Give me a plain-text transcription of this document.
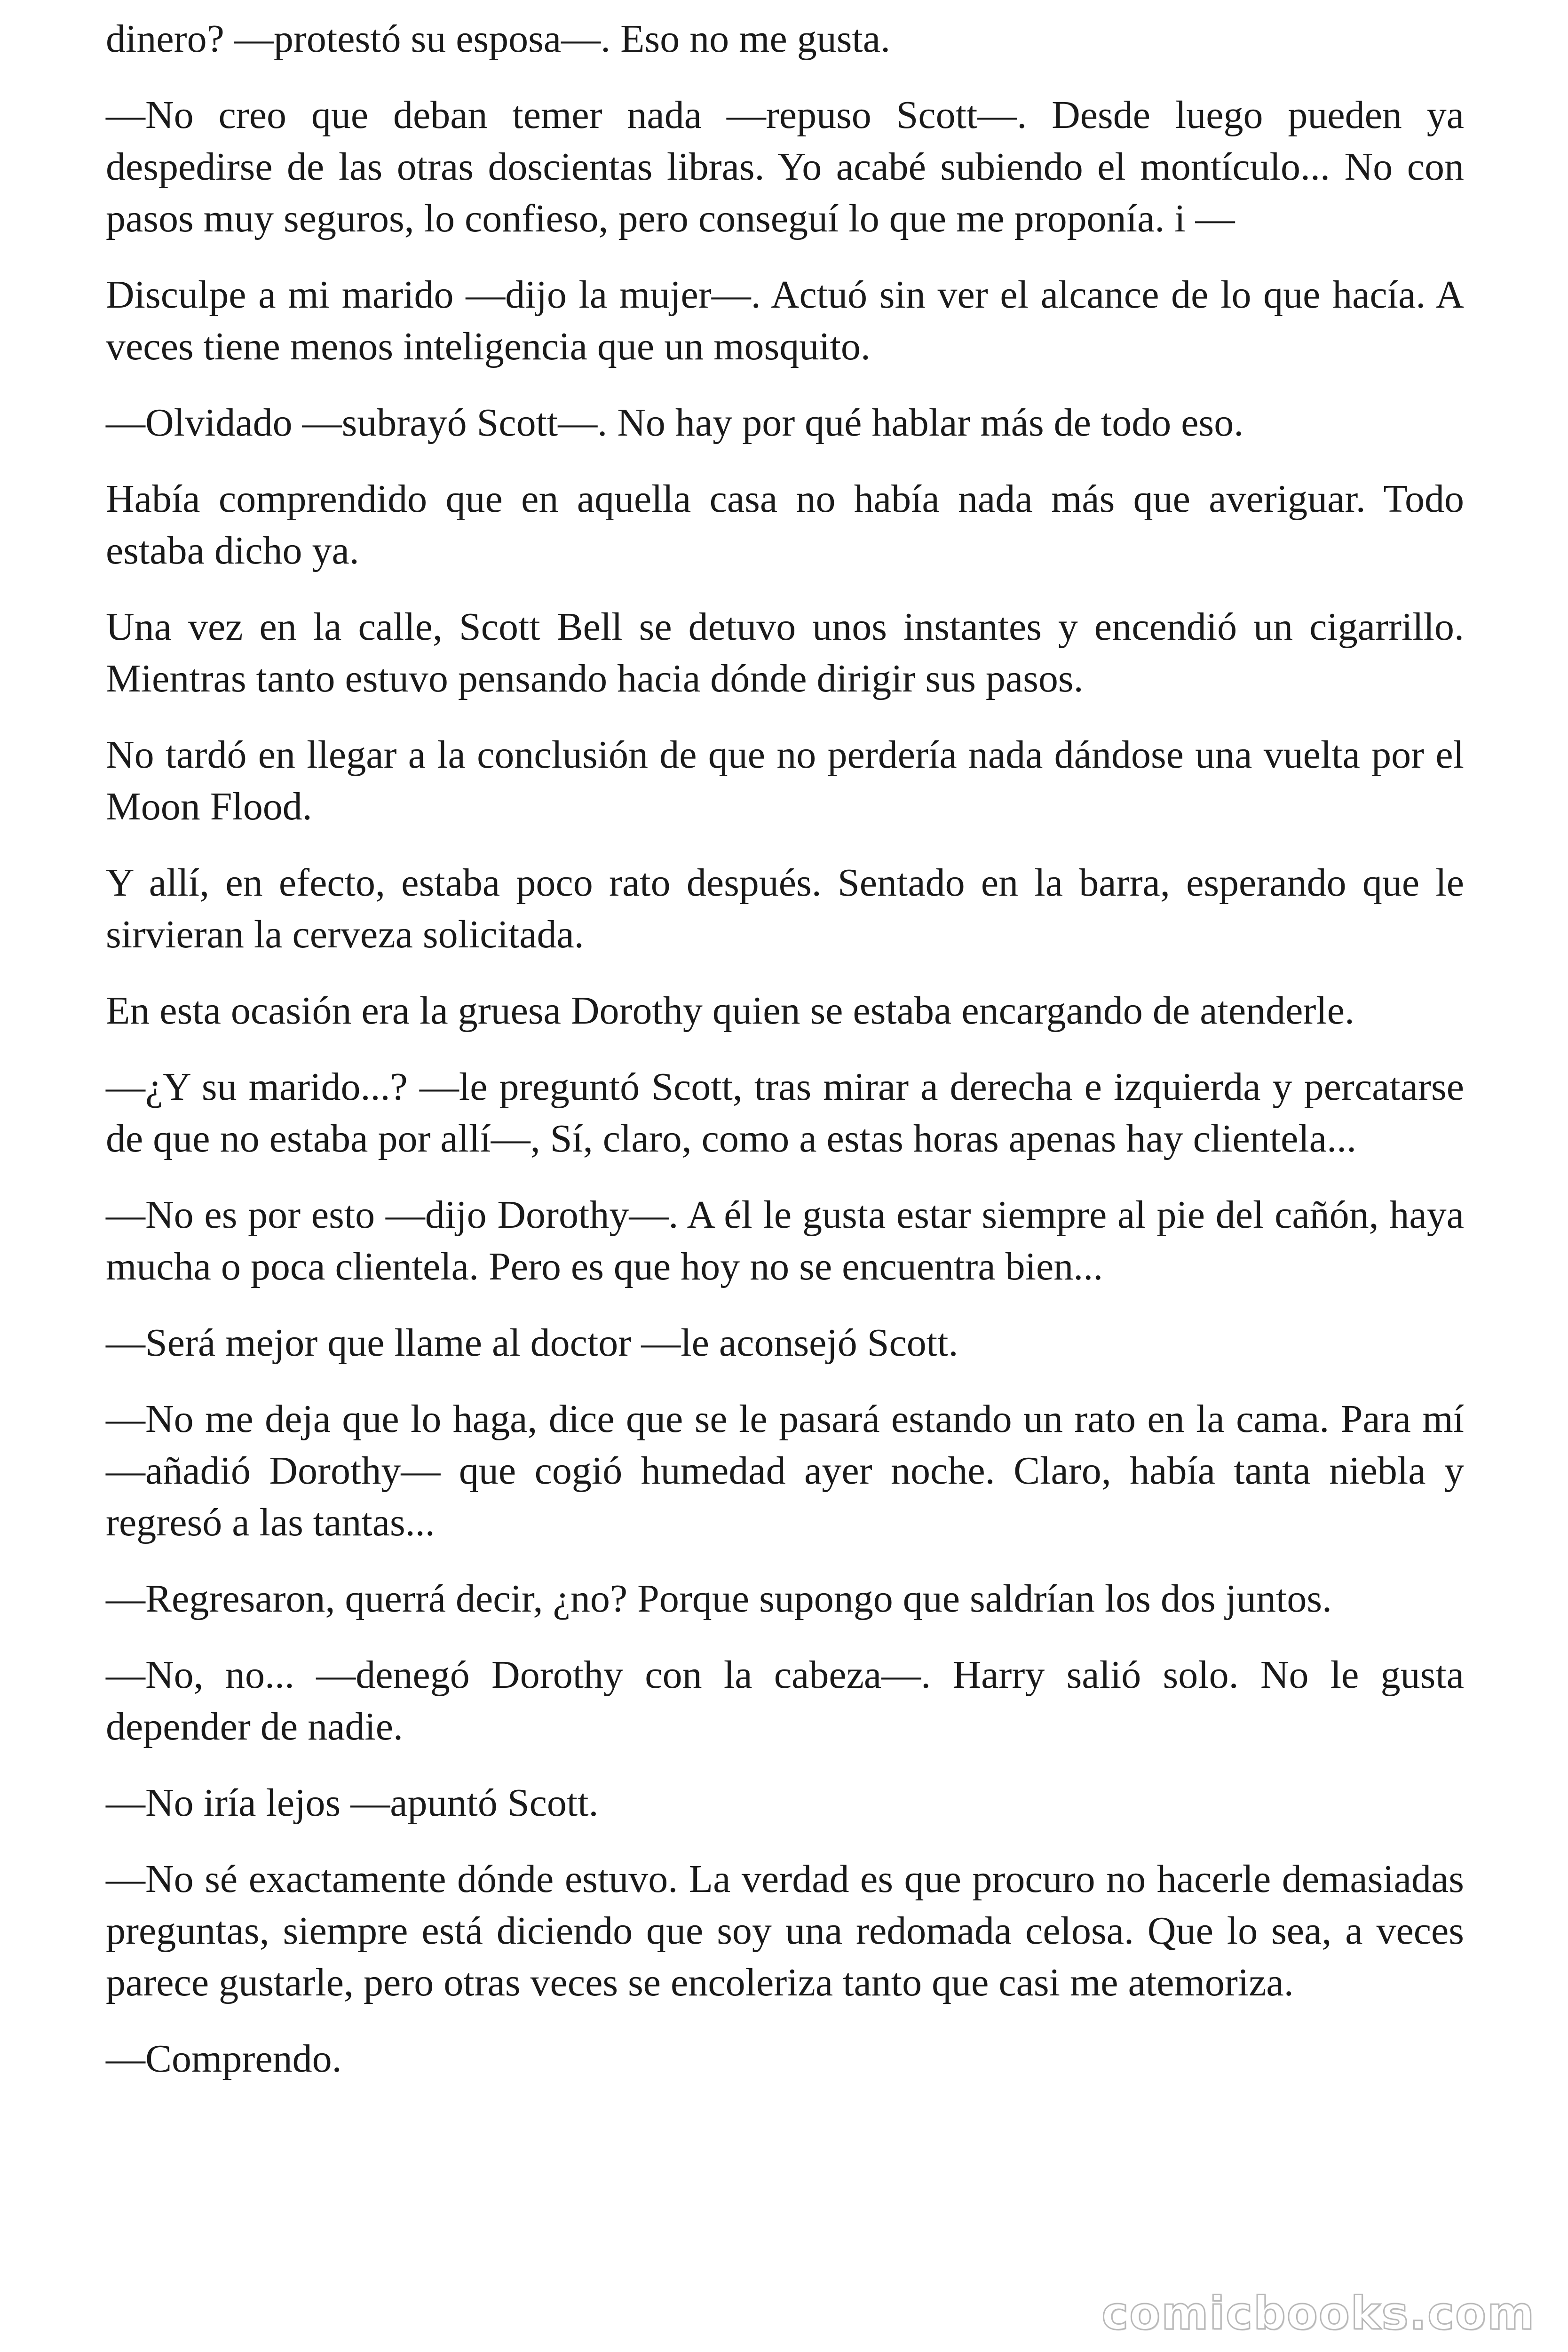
dinero? —protestó su esposa—. Eso no me gusta.

—No creo que deban temer nada —repuso Scott—. Desde luego pueden ya despedirse de las otras doscientas libras. Yo acabé subiendo el montículo... No con pasos muy seguros, lo confieso, pero conseguí lo que me proponía. i —

Disculpe a mi marido —dijo la mujer—. Actuó sin ver el alcance de lo que hacía. A veces tiene menos inteligencia que un mosquito.

—Olvidado —subrayó Scott—. No hay por qué hablar más de todo eso.

Había comprendido que en aquella casa no había nada más que averiguar. Todo estaba dicho ya.

Una vez en la calle, Scott Bell se detuvo unos instantes y encendió un cigarrillo. Mientras tanto estuvo pensando hacia dónde dirigir sus pasos.

No tardó en llegar a la conclusión de que no perdería nada dándose una vuelta por el Moon Flood.

Y allí, en efecto, estaba poco rato después. Sentado en la barra, esperando que le sirvieran la cerveza solicitada.

En esta ocasión era la gruesa Dorothy quien se estaba encargando de atenderle.

—¿Y su marido...? —le preguntó Scott, tras mirar a derecha e izquierda y percatarse de que no estaba por allí—, Sí, claro, como a estas horas apenas hay clientela...

—No es por esto —dijo Dorothy—. A él le gusta estar siempre al pie del cañón, haya mucha o poca clientela. Pero es que hoy no se encuentra bien...

—Será mejor que llame al doctor —le aconsejó Scott.

—No me deja que lo haga, dice que se le pasará estando un rato en la cama. Para mí —añadió Dorothy— que cogió humedad ayer noche. Claro, había tanta niebla y regresó a las tantas...

—Regresaron, querrá decir, ¿no? Porque supongo que saldrían los dos juntos.

—No, no... —denegó Dorothy con la cabeza—. Harry salió solo. No le gusta depender de nadie.

—No iría lejos —apuntó Scott.

—No sé exactamente dónde estuvo. La verdad es que procuro no hacerle demasiadas preguntas, siempre está diciendo que soy una redomada celosa. Que lo sea, a veces parece gustarle, pero otras veces se encoleriza tanto que casi me atemoriza.

—Comprendo.

comicbooks.com
